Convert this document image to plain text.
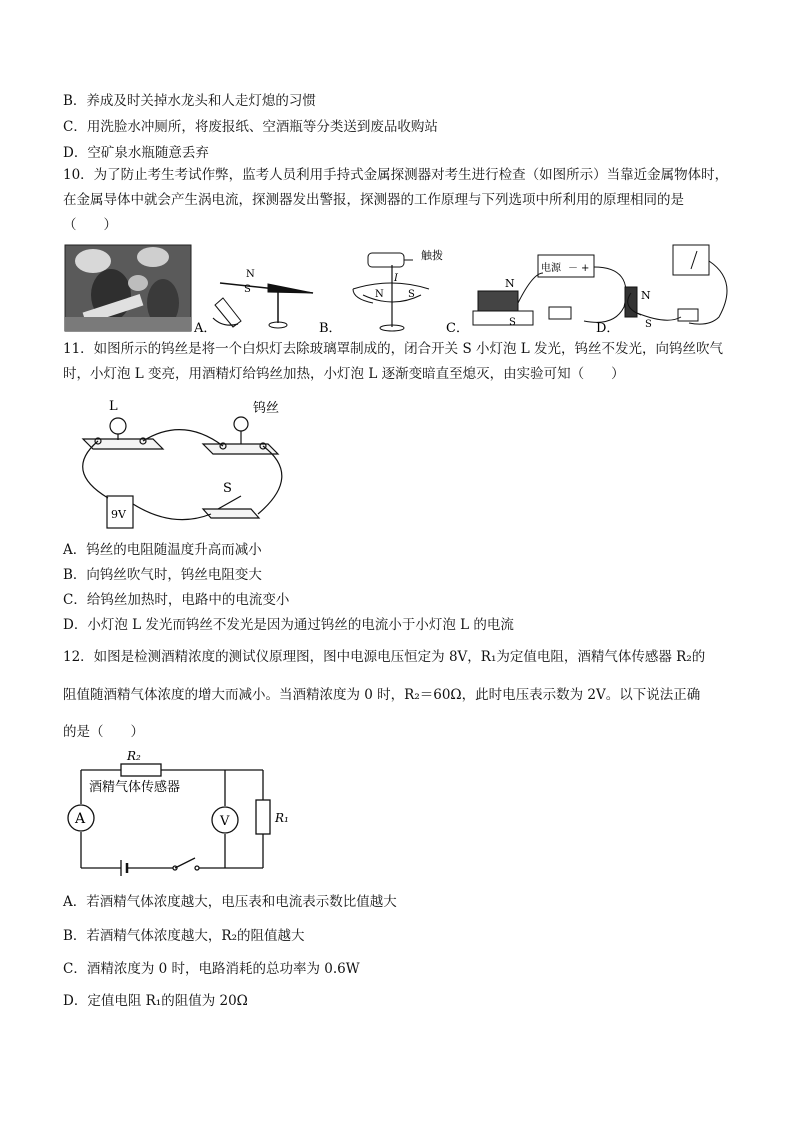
B．养成及时关掉水龙头和人走灯熄的习惯
C．用洗脸水冲厕所，将废报纸、空酒瓶等分类送到废品收购站
D．空矿泉水瓶随意丢弃
10．为了防止考生考试作弊，监考人员利用手持式金属探测器对考生进行检查（如图所示）当靠近金属物体时，在金属导体中就会产生涡电流，探测器发出警报，探测器的工作原理与下列选项中所利用的原理相同的是（　　）
A．
N
S
B．
触拨
N S
I
C．
N
电源 － +
S	D．
N
S
11．如图所示的钨丝是将一个白炽灯去除玻璃罩制成的，闭合开关 S 小灯泡 L 发光，钨丝不发光，向钨丝吹气时，小灯泡 L 变亮，用酒精灯给钨丝加热，小灯泡 L 逐渐变暗直至熄灭，由实验可知（　　）
L	钨丝
S
9V
A．钨丝的电阻随温度升高而减小
B．向钨丝吹气时，钨丝电阻变大
C．给钨丝加热时，电路中的电流变小
D．小灯泡 L 发光而钨丝不发光是因为通过钨丝的电流小于小灯泡 L 的电流
12．如图是检测酒精浓度的测试仪原理图，图中电源电压恒定为 8V，R₁为定值电阻，酒精气体传感器 R₂的
阻值随酒精气体浓度的增大而减小。当酒精浓度为 0 时，R₂＝60Ω，此时电压表示数为 2V。以下说法正确
的是（　　）
R₂
酒精气体传感器
A	V	R₁
A．若酒精气体浓度越大，电压表和电流表示数比值越大
B．若酒精气体浓度越大，R₂的阻值越大
C．酒精浓度为 0 时，电路消耗的总功率为 0.6W
D．定值电阻 R₁的阻值为 20Ω
